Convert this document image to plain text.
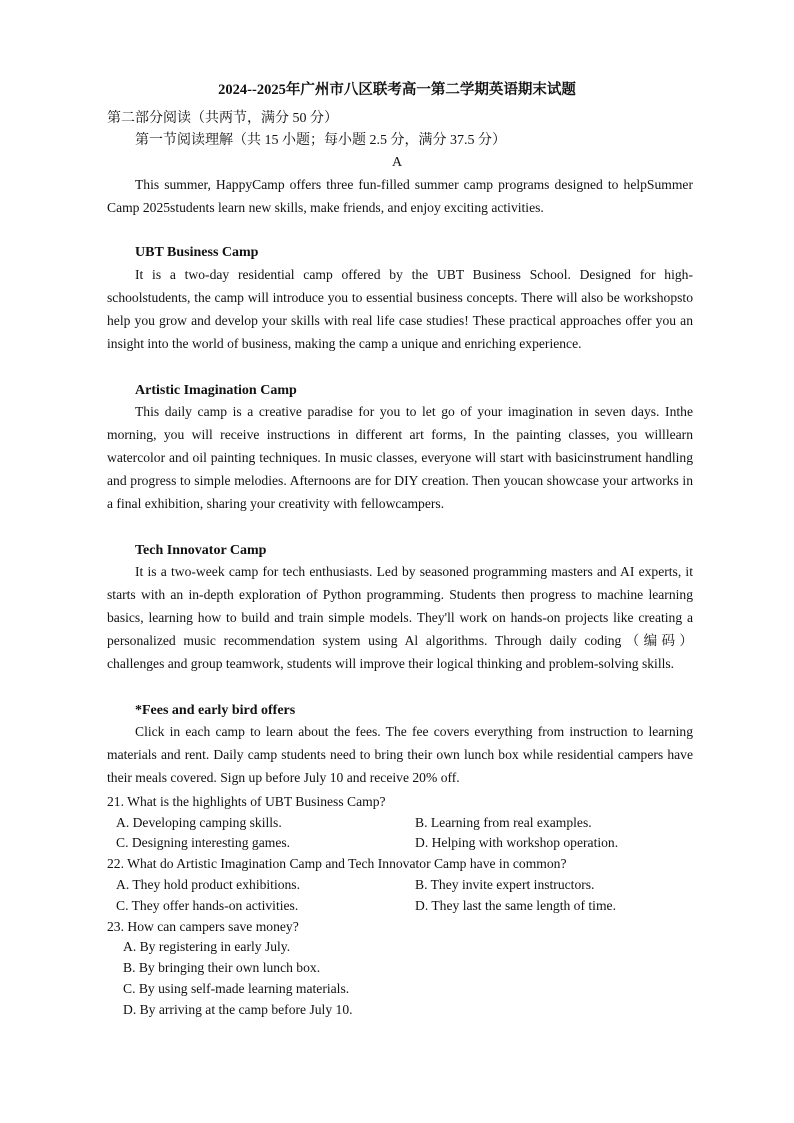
2024--2025年广州市八区联考高一第二学期英语期末试题
第二部分阅读（共两节，满分 50 分）
第一节阅读理解（共 15 小题；每小题 2.5 分，满分 37.5 分）
A

This summer, HappyCamp offers three fun-filled summer camp programs designed to helpSummer Camp 2025students learn new skills, make friends, and enjoy exciting activities.

UBT Business Camp

It is a two-day residential camp offered by the UBT Business School. Designed for high-schoolstudents, the camp will introduce you to essential business concepts. There will also be workshopsto help you grow and develop your skills with real life case studies! These practical approaches offer you an insight into the world of business, making the camp a unique and enriching experience.

Artistic Imagination Camp

This daily camp is a creative paradise for you to let go of your imagination in seven days. Inthe morning, you will receive instructions in different art forms, In the painting classes, you willlearn watercolor and oil painting techniques. In music classes, everyone will start with basicinstrument handling and progress to simple melodies. Afternoons are for DIY creation. Then youcan showcase your artworks in a final exhibition, sharing your creativity with fellowcampers.

Tech Innovator Camp

It is a two-week camp for tech enthusiasts. Led by seasoned programming masters and AI experts, it starts with an in-depth exploration of Python programming. Students then progress to machine learning basics, learning how to build and train simple models. They'll work on hands-on projects like creating a personalized music recommendation system using Al algorithms. Through daily coding（编码）challenges and group teamwork, students will improve their logical thinking and problem-solving skills.

*Fees and early bird offers

Click in each camp to learn about the fees. The fee covers everything from instruction to learning materials and rent. Daily camp students need to bring their own lunch box while residential campers have their meals covered. Sign up before July 10 and receive 20% off.

21. What is the highlights of UBT Business Camp?
A. Developing camping skills.	B. Learning from real examples.
C. Designing interesting games.	D. Helping with workshop operation.
22. What do Artistic Imagination Camp and Tech Innovator Camp have in common?
A. They hold product exhibitions.	B. They invite expert instructors.
C. They offer hands-on activities.	D. They last the same length of time.
23. How can campers save money?
A. By registering in early July.
B. By bringing their own lunch box.
C. By using self-made learning materials.
D. By arriving at the camp before July 10.
